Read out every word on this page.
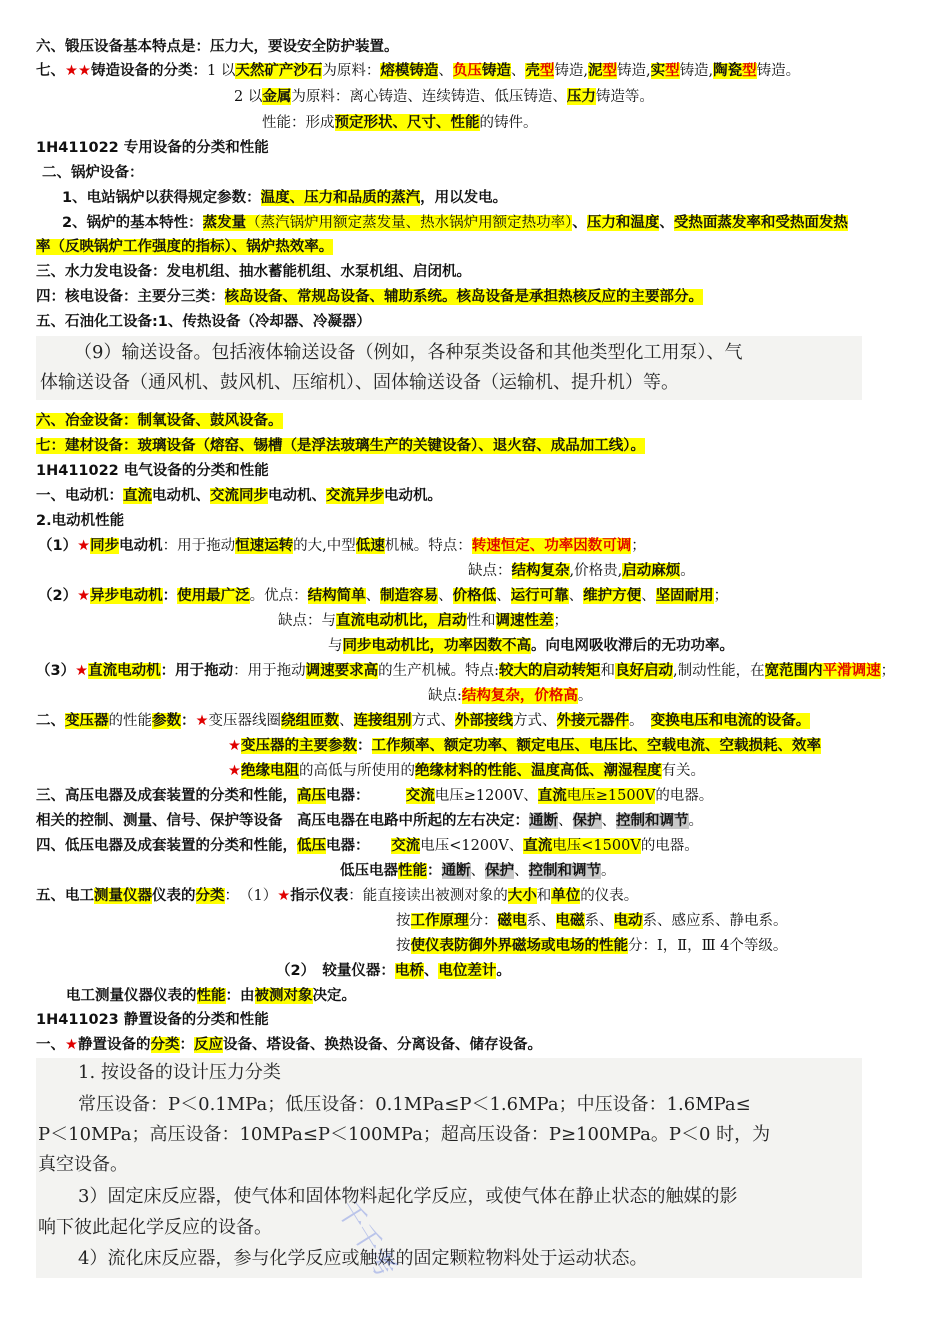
六、锻压设备基本特点是：压力大，要设安全防护装置。
七、★★铸造设备的分类：1 以天然矿产沙石为原料：熔模铸造、负压铸造、壳型铸造,泥型铸造,实型铸造,陶瓷型铸造。
2 以金属为原料：离心铸造、连续铸造、低压铸造、压力铸造等。
性能：形成预定形状、尺寸、性能的铸件。
1H411022 专用设备的分类和性能
二、锅炉设备：
1、电站锅炉以获得规定参数：温度、压力和品质的蒸汽，用以发电。
2、锅炉的基本特性：蒸发量（蒸汽锅炉用额定蒸发量、热水锅炉用额定热功率）、压力和温度、受热面蒸发率和受热面发热
率（反映锅炉工作强度的指标）、锅炉热效率。
三、水力发电设备：发电机组、抽水蓄能机组、水泵机组、启闭机。
四：核电设备：主要分三类：核岛设备、常规岛设备、辅助系统。核岛设备是承担热核反应的主要部分。
五、石油化工设备:1、传热设备（冷却器、冷凝器）
（9）输送设备。包括液体输送设备（例如，各种泵类设备和其他类型化工用泵）、气
体输送设备（通风机、鼓风机、压缩机）、固体输送设备（运输机、提升机）等。
六、冶金设备：制氧设备、鼓风设备。
七：建材设备：玻璃设备（熔窑、锡槽（是浮法玻璃生产的关键设备）、退火窑、成品加工线）。
1H411022 电气设备的分类和性能
一、电动机：直流电动机、交流同步电动机、交流异步电动机。
2.电动机性能
（1）★同步电动机：用于拖动恒速运转的大,中型低速机械。特点：转速恒定、功率因数可调；
缺点：结构复杂,价格贵,启动麻烦。
（2）★异步电动机：使用最广泛。优点：结构简单、制造容易、价格低、运行可靠、维护方便、坚固耐用；
缺点：与直流电动机比，启动性和调速性差；
与同步电动机比，功率因数不高。向电网吸收滞后的无功功率。
（3）★直流电动机：用于拖动：用于拖动调速要求高的生产机械。特点:较大的启动转矩和良好启动,制动性能，在宽范围内平滑调速；
缺点:结构复杂，价格高。
二、变压器的性能参数：★变压器线圈绕组匝数、连接组别方式、外部接线方式、外接元器件。　 变换电压和电流的设备。
★变压器的主要参数：工作频率、额定功率、额定电压、电压比、空载电流、空载损耗、效率
★绝缘电阻的高低与所使用的绝缘材料的性能、温度高低、潮湿程度有关。
三、高压电器及成套装置的分类和性能，高压电器：　　　	交流电压≥1200V、直流电压≥1500V的电器。
相关的控制、测量、信号、保护等设备　高压电器在电路中所起的左右决定：通断、保护、控制和调节。
四、低压电器及成套装置的分类和性能，低压电器：　　 交流电压<1200V、直流电压<1500V的电器。
低压电器性能：通断、保护、控制和调节。
五、电工测量仪器仪表的分类：　（1）★指示仪表：能直接读出被测对象的大小和单位的仪表。
按工作原理分：磁电系、电磁系、电动系、感应系、静电系。
按使仪表防御外界磁场或电场的性能分：Ⅰ，Ⅱ，Ⅲ 4个等级。
（2）　较量仪器：电桥、电位差计。
电工测量仪器仪表的性能：由被测对象决定。
1H411023 静置设备的分类和性能
一、★静置设备的分类：反应设备、塔设备、换热设备、分离设备、储存设备。
1. 按设备的设计压力分类
常压设备：P＜0.1MPa；低压设备：0.1MPa≤P＜1.6MPa；中压设备：1.6MPa≤
P＜10MPa；高压设备：10MPa≤P＜100MPa；超高压设备：P≥100MPa。P＜0 时，为
真空设备。
3）固定床反应器，使气体和固体物料起化学反应，或使气体在静止状态的触媒的影
响下彼此起化学反应的设备。
4）流化床反应器，参与化学反应或触媒的固定颗粒物料处于运动状态。
千千考
